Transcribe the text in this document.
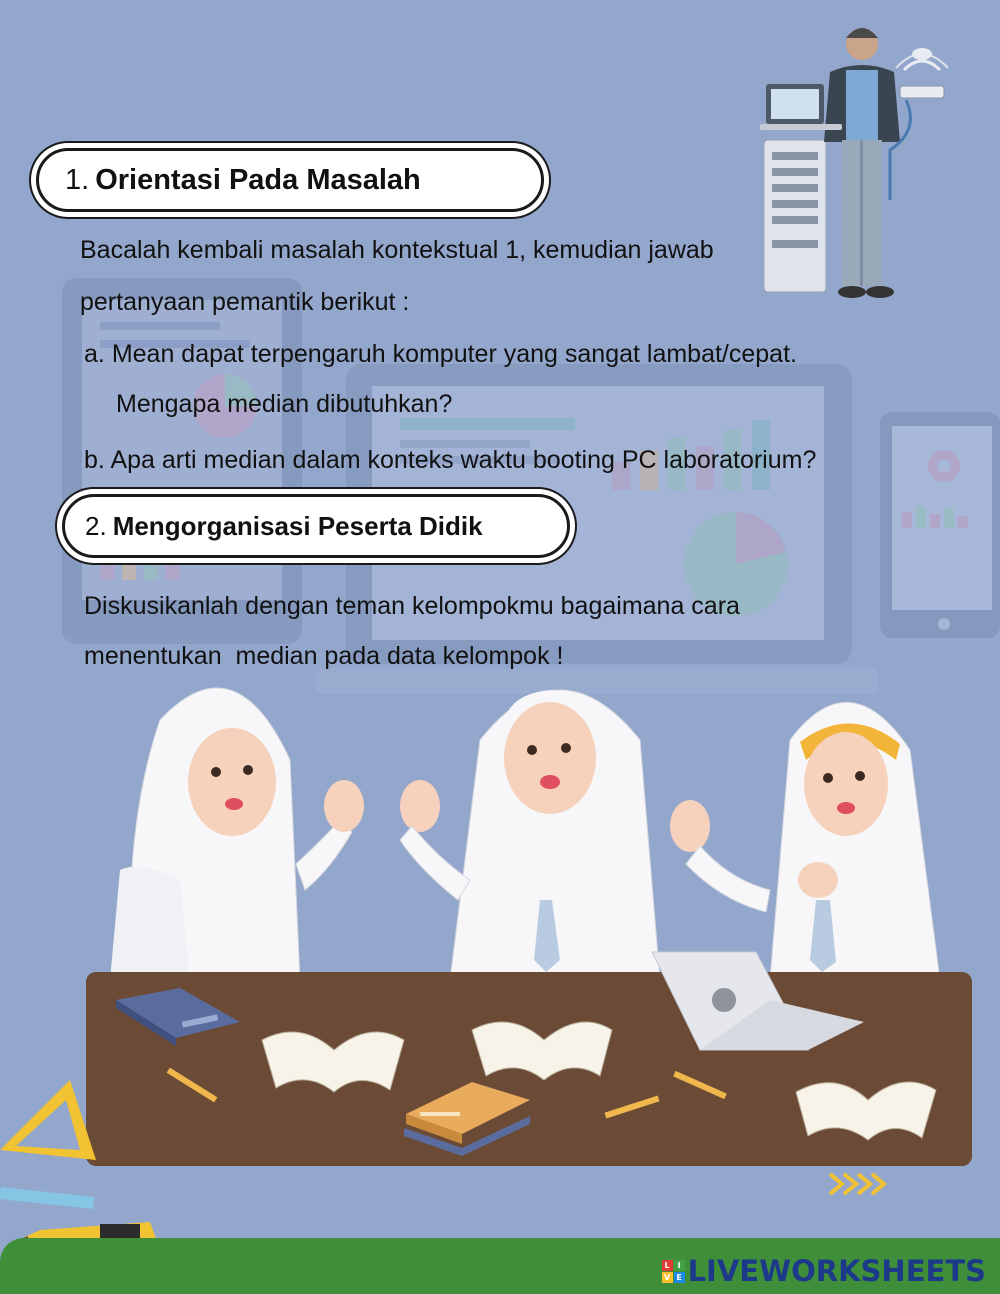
1. Orientasi Pada Masalah

Bacalah kembali masalah kontekstual 1, kemudian jawab

pertanyaan pemantik berikut :

a. Mean dapat terpengaruh komputer yang sangat lambat/cepat.
Mengapa median dibutuhkan?
b. Apa arti median dalam konteks waktu booting PC laboratorium?
2. Mengorganisasi Peserta Didik

Diskusikanlah dengan teman kelompokmu bagaimana cara

menentukan  median pada data kelompok !

L I
V E LIVEWORKSHEETS
